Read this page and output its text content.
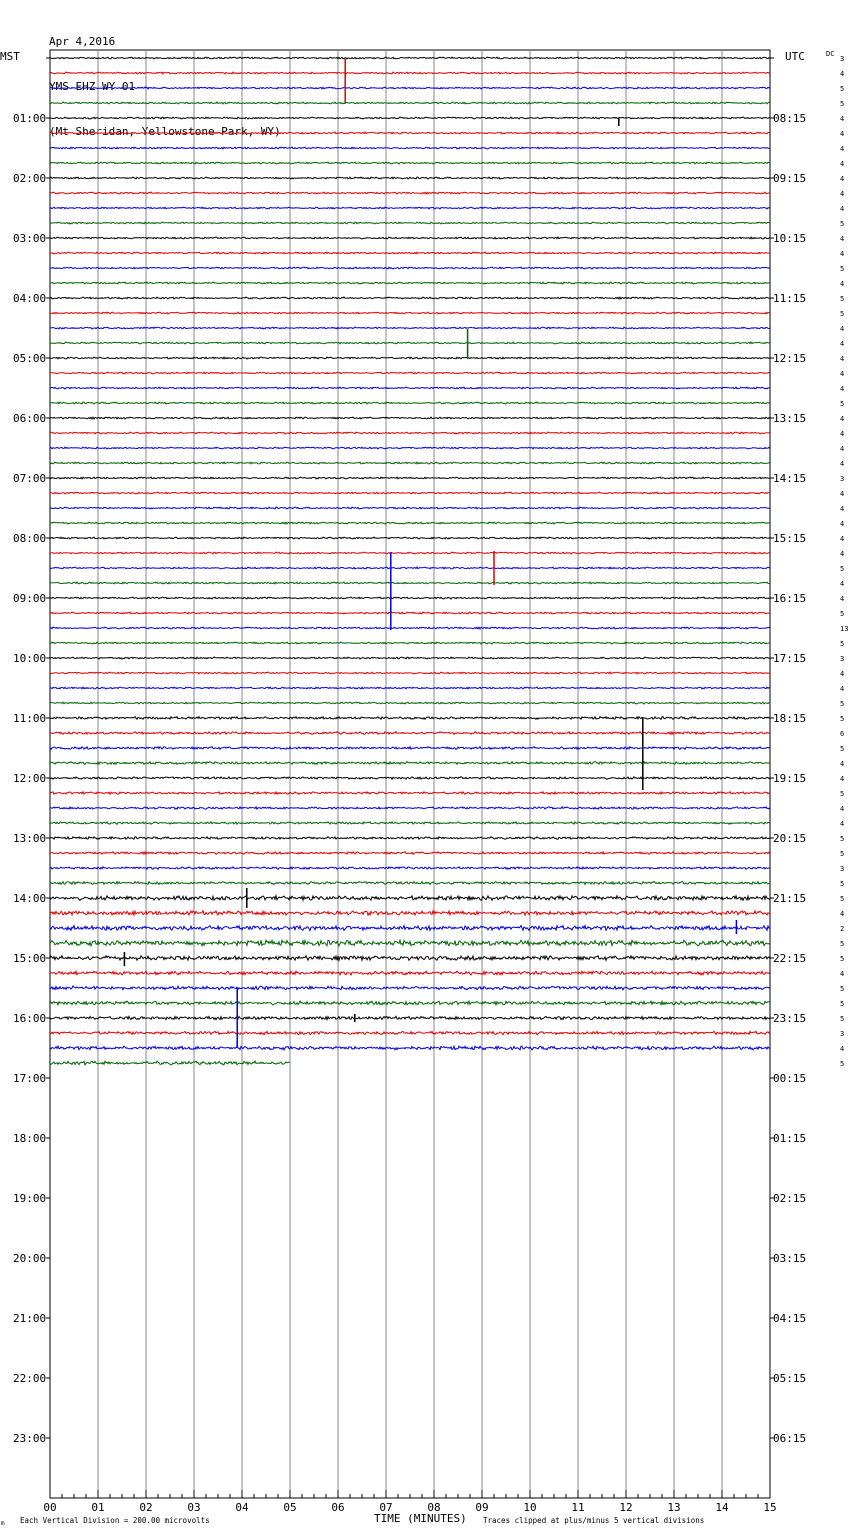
Apr 4,2016

YMS EHZ WY 01

(Mt Sheridan, Yellowstone Park, WY)

MST	UTC	DC
TIME (MINUTES)
Each Vertical Division = 200.00 microvolts	Traces clipped at plus/minus 5 vertical divisions
m
00	01	02	03	04	05	06	07	08	09	10	11	12	13	14	15
01:00	08:15
02:00	09:15
03:00	10:15
04:00	11:15
05:00	12:15
06:00	13:15
07:00	14:15
08:00	15:15
09:00	16:15
10:00	17:15
11:00	18:15
12:00	19:15
13:00	20:15
14:00	21:15
15:00	22:15
16:00	23:15
17:00	00:15
18:00	01:15
19:00	02:15
20:00	03:15
21:00	04:15
22:00	05:15
23:00	06:15
3
4
5
5
4
4
4
4
4
4
4
5
4
4
5
4
5
5
4
4
4
4
4
5
4
4
4
4
3
4
4
4
4
4
5
4
4
5
13
5
3
4
4
5
5
6
5
4
4
5
4
4
5
5
3
5
5
4
2
5
5
4
5
5
5
3
4
5
